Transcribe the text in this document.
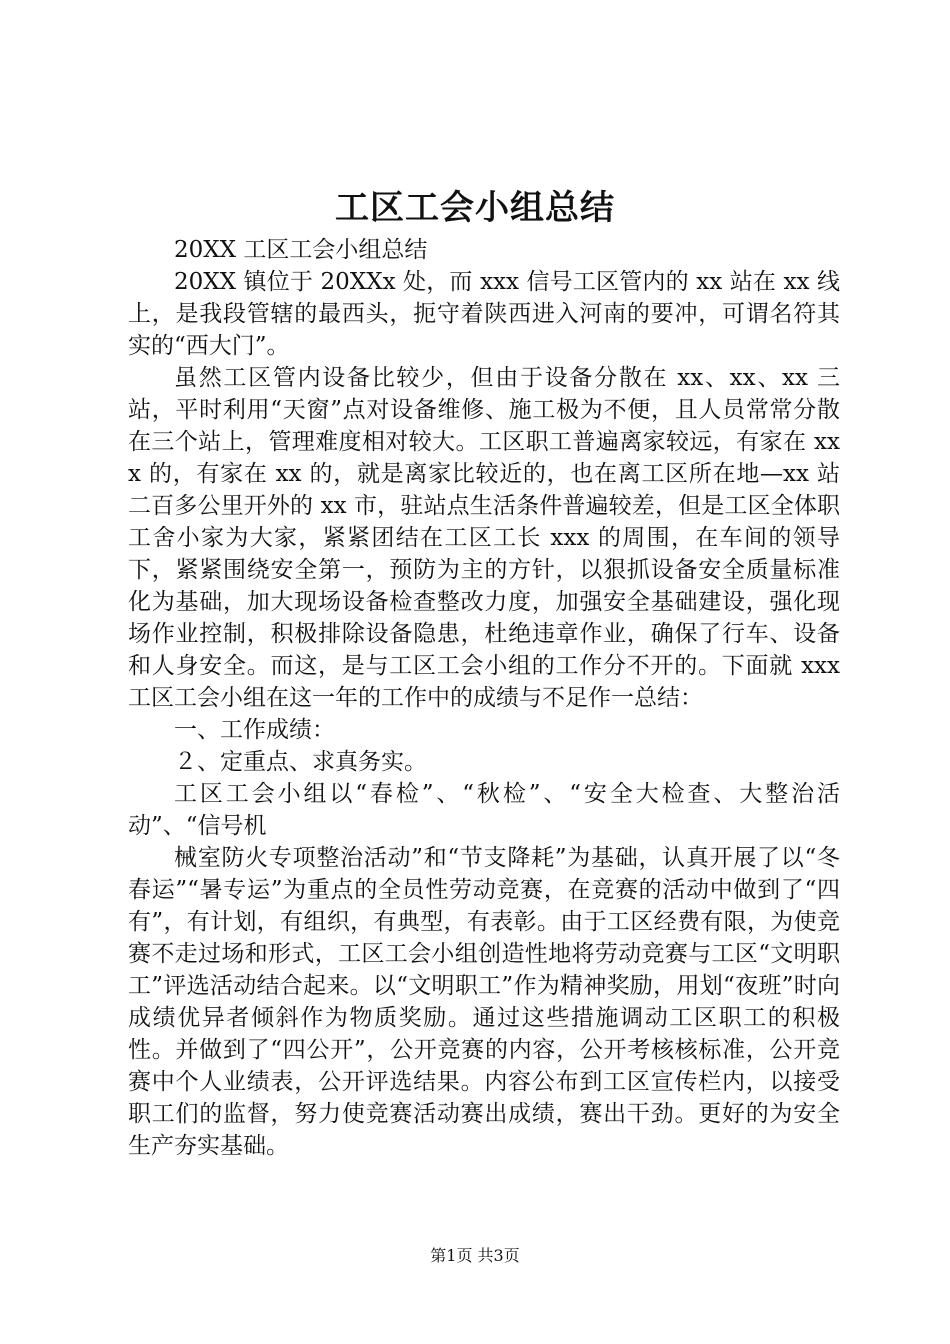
工区工会小组总结

20XX 工区工会小组总结

20XX 镇位于 20XXx 处，而 xxx 信号工区管内的 xx 站在 xx 线上，是我段管辖的最西头，扼守着陕西进入河南的要冲，可谓名符其实的“西大门”。

虽然工区管内设备比较少，但由于设备分散在 xx、xx、xx 三站，平时利用“天窗”点对设备维修、施工极为不便，且人员常常分散在三个站上，管理难度相对较大。工区职工普遍离家较远，有家在 xxx 的，有家在 xx 的，就是离家比较近的，也在离工区所在地—xx 站二百多公里开外的 xx 市，驻站点生活条件普遍较差，但是工区全体职工舍小家为大家，紧紧团结在工区工长 xxx 的周围，在车间的领导下，紧紧围绕安全第一，预防为主的方针，以狠抓设备安全质量标准化为基础，加大现场设备检查整改力度，加强安全基础建设，强化现场作业控制，积极排除设备隐患，杜绝违章作业，确保了行车、设备和人身安全。而这，是与工区工会小组的工作分不开的。下面就 xxx 工区工会小组在这一年的工作中的成绩与不足作一总结：

一、工作成绩：

２、定重点、求真务实。

工区工会小组以“春检”、“秋检”、“安全大检查、大整治活动”、“信号机

械室防火专项整治活动”和“节支降耗”为基础，认真开展了以“冬春运”“暑专运”为重点的全员性劳动竞赛，在竞赛的活动中做到了“四有”，有计划，有组织，有典型，有表彰。由于工区经费有限，为使竞赛不走过场和形式，工区工会小组创造性地将劳动竞赛与工区“文明职工”评选活动结合起来。以“文明职工”作为精神奖励，用划“夜班”时向成绩优异者倾斜作为物质奖励。通过这些措施调动工区职工的积极性。并做到了“四公开”，公开竞赛的内容，公开考核核标准，公开竞赛中个人业绩表，公开评选结果。内容公布到工区宣传栏内，以接受职工们的监督，努力使竞赛活动赛出成绩，赛出干劲。更好的为安全生产夯实基础。

第1页 共3页
